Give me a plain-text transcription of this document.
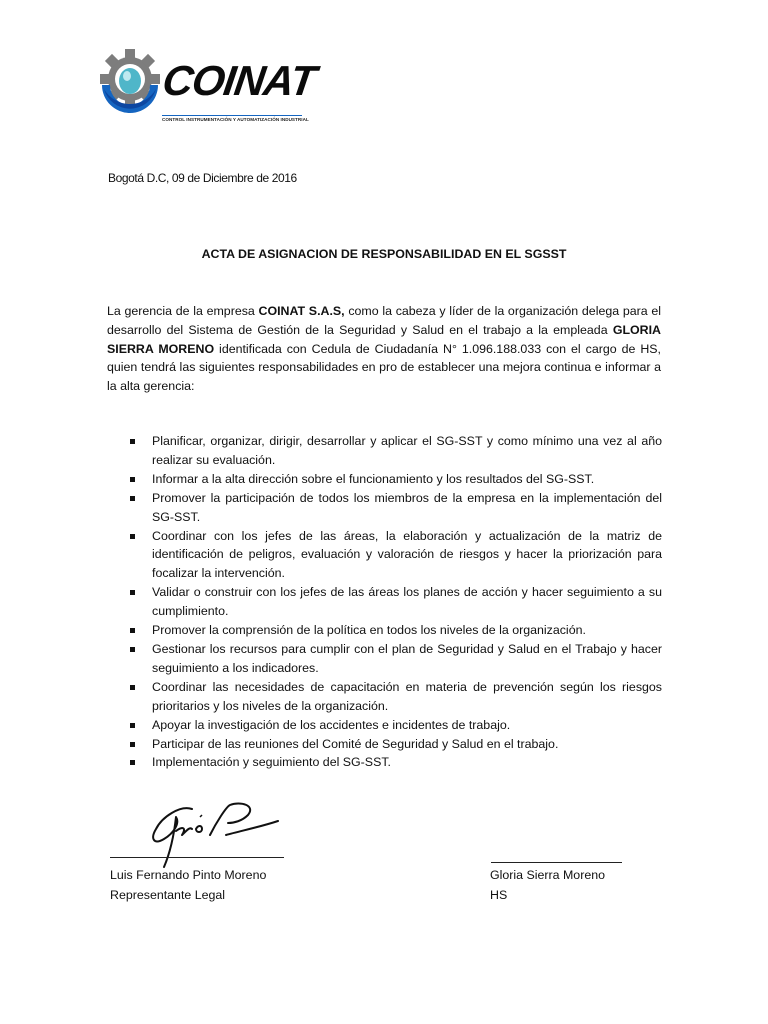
COINAT
CONTROL INSTRUMENTACIÓN Y AUTOMATIZACIÓN INDUSTRIAL
Bogotá D.C, 09 de Diciembre de 2016
ACTA DE ASIGNACION DE RESPONSABILIDAD EN EL SGSST
La gerencia de la empresa COINAT S.A.S, como la cabeza y líder de la organización delega para el desarrollo del Sistema de Gestión de la Seguridad y Salud en el trabajo a la empleada GLORIA SIERRA MORENO identificada con Cedula de Ciudadanía N° 1.096.188.033 con el cargo de HS, quien tendrá las siguientes responsabilidades en pro de establecer una mejora continua e informar a la alta gerencia:
Planificar, organizar, dirigir, desarrollar y aplicar el SG-SST y como mínimo una vez al año realizar su evaluación.
Informar a la alta dirección sobre el funcionamiento y los resultados del SG-SST.
Promover la participación de todos los miembros de la empresa en la implementación del SG-SST.
Coordinar con los jefes de las áreas, la elaboración y actualización de la matriz de identificación de peligros, evaluación y valoración de riesgos y hacer la priorización para focalizar la intervención.
Validar o construir con los jefes de las áreas los planes de acción y hacer seguimiento a su cumplimiento.
Promover la comprensión de la política en todos los niveles de la organización.
Gestionar los recursos para cumplir con el plan de Seguridad y Salud en el Trabajo y hacer seguimiento a los indicadores.
Coordinar las necesidades de capacitación en materia de prevención según los riesgos prioritarios y los niveles de la organización.
Apoyar la investigación de los accidentes e incidentes de trabajo.
Participar de las reuniones del Comité de Seguridad y Salud en el trabajo.
Implementación y seguimiento del SG-SST.
Luis Fernando Pinto Moreno
Representante Legal
Gloria Sierra Moreno
HS
